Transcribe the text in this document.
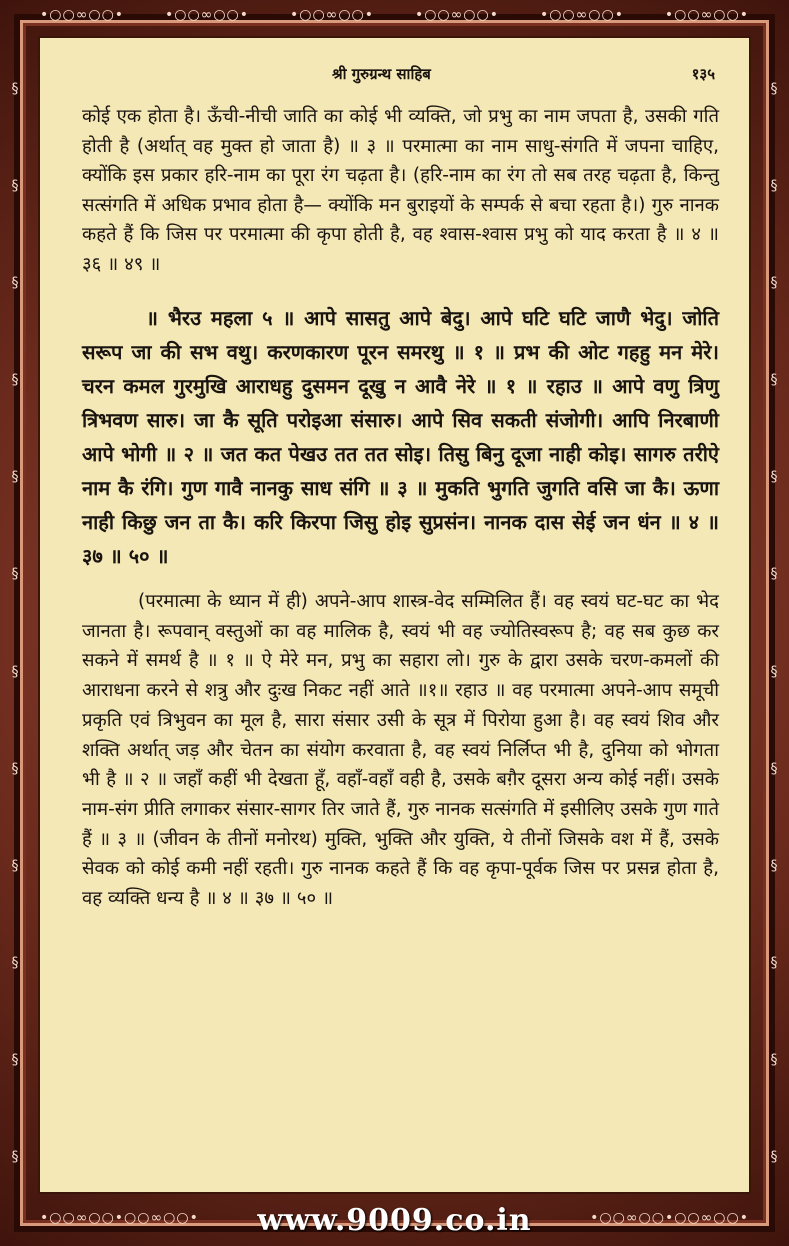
•○○∞○○•	•○○∞○○•	•○○∞○○•	•○○∞○○•	•○○∞○○•	•○○∞○○•
§
§
§
§
§
§
§
§
§
§
§
§
§
§
§
§
§
§
§
§
§
§
§
§
•○○∞○○•○○∞○○•	•○○∞○○•○○∞○○•
www.9009.co.in
श्री गुरुग्रन्थ साहिब	१३५

कोई एक होता है। ऊँची-नीची जाति का कोई भी व्यक्ति, जो प्रभु का नाम जपता है, उसकी गति होती है (अर्थात् वह मुक्त हो जाता है) ॥ ३ ॥ परमात्मा का नाम साधु-संगति में जपना चाहिए, क्योंकि इस प्रकार हरि-नाम का पूरा रंग चढ़ता है। (हरि-नाम का रंग तो सब तरह चढ़ता है, किन्तु सत्संगति में अधिक प्रभाव होता है— क्योंकि मन बुराइयों के सम्पर्क से बचा रहता है।) गुरु नानक कहते हैं कि जिस पर परमात्मा की कृपा होती है, वह श्वास-श्वास प्रभु को याद करता है ॥ ४ ॥ ३६ ॥ ४९ ॥

॥ भैरउ महला ५ ॥ आपे सासतु आपे बेदु। आपे घटि घटि जाणै भेदु। जोति सरूप जा की सभ वथु। करणकारण पूरन समरथु ॥ १ ॥ प्रभ की ओट गहहु मन मेरे। चरन कमल गुरमुखि आराधहु दुसमन दूखु न आवै नेरे ॥ १ ॥ रहाउ ॥ आपे वणु त्रिणु त्रिभवण सारु। जा कै सूति परोइआ संसारु। आपे सिव सकती संजोगी। आपि निरबाणी आपे भोगी ॥ २ ॥ जत कत पेखउ तत तत सोइ। तिसु बिनु दूजा नाही कोइ। सागरु तरीऐ नाम कै रंगि। गुण गावै नानकु साध संगि ॥ ३ ॥ मुकति भुगति जुगति वसि जा कै। ऊणा नाही किछु जन ता कै। करि किरपा जिसु होइ सुप्रसंन। नानक दास सेई जन धंन ॥ ४ ॥ ३७ ॥ ५० ॥

(परमात्मा के ध्यान में ही) अपने-आप शास्त्र-वेद सम्मिलित हैं। वह स्वयं घट-घट का भेद जानता है। रूपवान् वस्तुओं का वह मालिक है, स्वयं भी वह ज्योतिस्वरूप है; वह सब कुछ कर सकने में समर्थ है ॥ १ ॥ ऐ मेरे मन, प्रभु का सहारा लो। गुरु के द्वारा उसके चरण-कमलों की आराधना करने से शत्रु और दुःख निकट नहीं आते ॥१॥ रहाउ ॥ वह परमात्मा अपने-आप समूची प्रकृति एवं त्रिभुवन का मूल है, सारा संसार उसी के सूत्र में पिरोया हुआ है। वह स्वयं शिव और शक्ति अर्थात् जड़ और चेतन का संयोग करवाता है, वह स्वयं निर्लिप्त भी है, दुनिया को भोगता भी है ॥ २ ॥ जहाँ कहीं भी देखता हूँ, वहाँ-वहाँ वही है, उसके बग़ैर दूसरा अन्य कोई नहीं। उसके नाम-संग प्रीति लगाकर संसार-सागर तिर जाते हैं, गुरु नानक सत्संगति में इसीलिए उसके गुण गाते हैं ॥ ३ ॥ (जीवन के तीनों मनोरथ) मुक्ति, भुक्ति और युक्ति, ये तीनों जिसके वश में हैं, उसके सेवक को कोई कमी नहीं रहती। गुरु नानक कहते हैं कि वह कृपा-पूर्वक जिस पर प्रसन्न होता है, वह व्यक्ति धन्य है ॥ ४ ॥ ३७ ॥ ५० ॥
